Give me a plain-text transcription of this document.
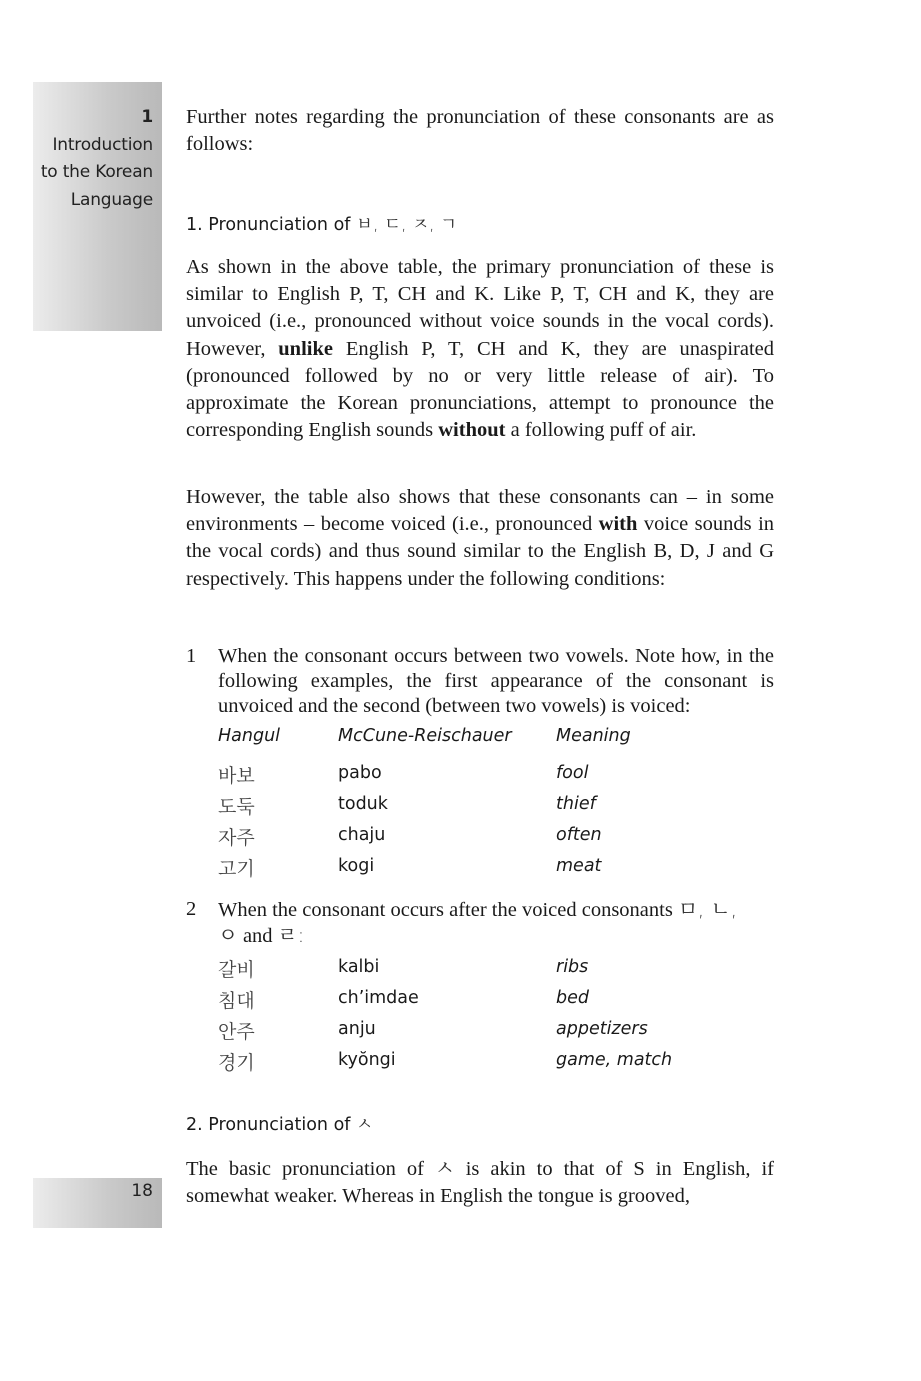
1
Introduction
to the Korean
Language
18

Further notes regarding the pronunciation of these consonants are as follows:

1. Pronunciation of ㅂ, ㄷ, ㅈ, ㄱ

As shown in the above table, the primary pronunciation of these is similar to English P, T, CH and K. Like P, T, CH and K, they are unvoiced (i.e., pronounced without voice sounds in the vocal cords). However, unlike English P, T, CH and K, they are unaspirated (pronounced followed by no or very little release of air). To approximate the Korean pronunciations, attempt to pronounce the corresponding English sounds without a following puff of air.

However, the table also shows that these consonants can – in some environments – become voiced (i.e., pronounced with voice sounds in the vocal cords) and thus sound similar to the English B, D, J and G respectively. This happens under the following conditions:

1 When the consonant occurs between two vowels. Note how, in the following examples, the first appearance of the consonant is unvoiced and the second (between two vowels) is voiced:
Hangul	McCune-Reischauer	Meaning
바보	pabo	fool
도둑	toduk	thief
자주	chaju	often
고기	kogi	meat
2 When the consonant occurs after the voiced consonants ㅁ, ㄴ,
ㅇ and ㄹ:
갈비	kalbi	ribs
침대	ch’imdae	bed
안주	anju	appetizers
경기	kyŏngi	game, match
2. Pronunciation of ㅅ

The basic pronunciation of ㅅ is akin to that of S in English, if somewhat weaker. Whereas in English the tongue is grooved,
